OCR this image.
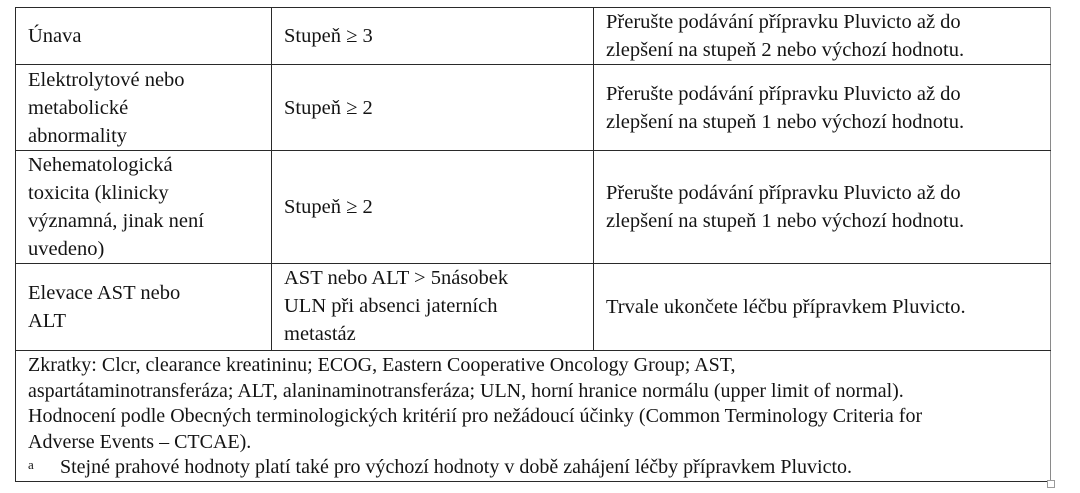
Únava	Stupeň ≥ 3	Přerušte podávání přípravku Pluvicto až do
zlepšení na stupeň 2 nebo výchozí hodnotu.

Elektrolytové nebo
metabolické
abnormality	Stupeň ≥ 2	Přerušte podávání přípravku Pluvicto až do
zlepšení na stupeň 1 nebo výchozí hodnotu.

Nehematologická
toxicita (klinicky
významná, jinak není
uvedeno)	Stupeň ≥ 2	Přerušte podávání přípravku Pluvicto až do
zlepšení na stupeň 1 nebo výchozí hodnotu.

Elevace AST nebo
ALT	AST nebo ALT > 5násobek
ULN při absenci jaterních
metastáz	Trvale ukončete léčbu přípravkem Pluvicto.

Zkratky: Clcr, clearance kreatininu; ECOG, Eastern Cooperative Oncology Group; AST,
aspartátaminotransferáza; ALT, alaninaminotransferáza; ULN, horní hranice normálu (upper limit of normal).
Hodnocení podle Obecných terminologických kritérií pro nežádoucí účinky (Common Terminology Criteria for
Adverse Events – CTCAE).
a Stejné prahové hodnoty platí také pro výchozí hodnoty v době zahájení léčby přípravkem Pluvicto.		
